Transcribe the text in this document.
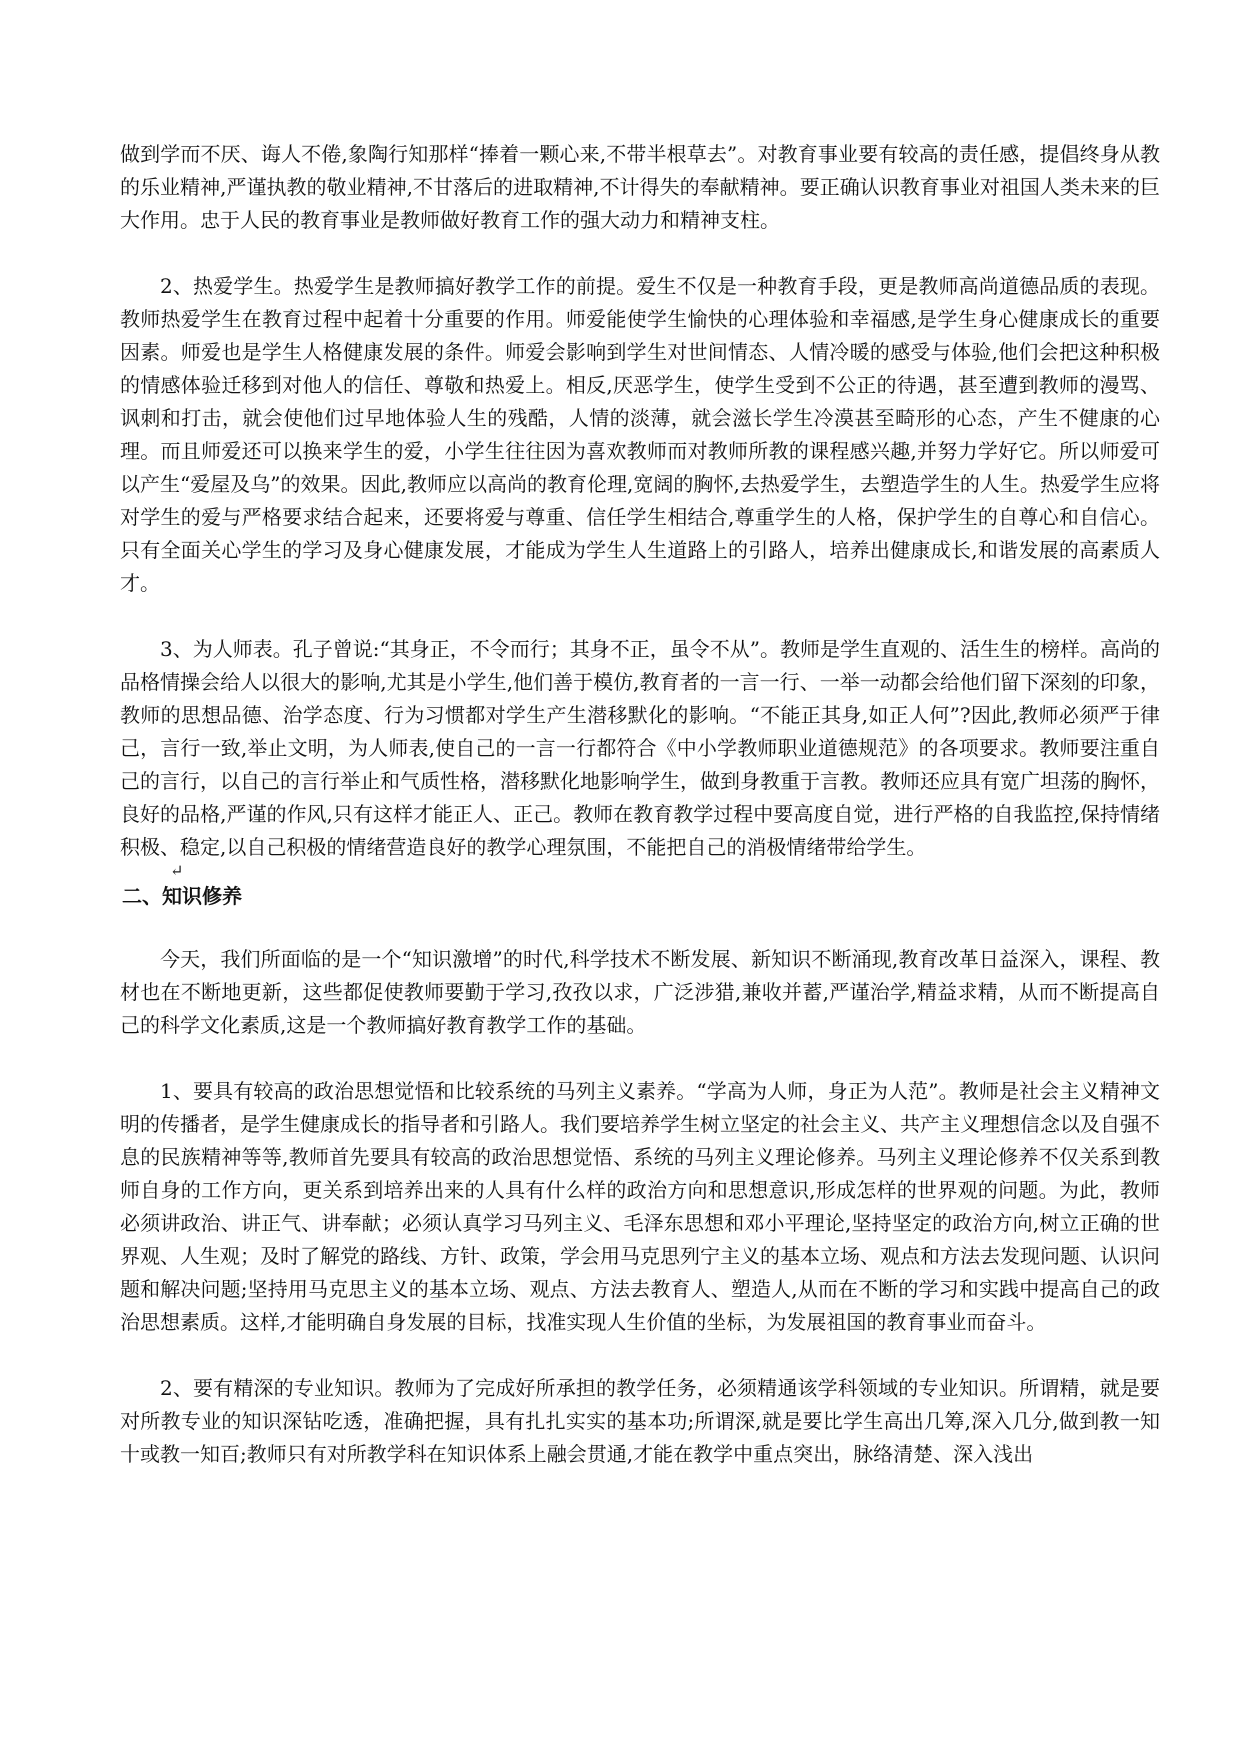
做到学而不厌、诲人不倦,象陶行知那样“捧着一颗心来,不带半根草去”。对教育事业要有较高的责任感，提倡终身从教的乐业精神,严谨执教的敬业精神,不甘落后的进取精神,不计得失的奉献精神。要正确认识教育事业对祖国人类未来的巨大作用。忠于人民的教育事业是教师做好教育工作的强大动力和精神支柱。

2、热爱学生。热爱学生是教师搞好教学工作的前提。爱生不仅是一种教育手段，更是教师高尚道德品质的表现。教师热爱学生在教育过程中起着十分重要的作用。师爱能使学生愉快的心理体验和幸福感,是学生身心健康成长的重要因素。师爱也是学生人格健康发展的条件。师爱会影响到学生对世间情态、人情冷暖的感受与体验,他们会把这种积极的情感体验迁移到对他人的信任、尊敬和热爱上。相反,厌恶学生，使学生受到不公正的待遇，甚至遭到教师的漫骂、讽刺和打击，就会使他们过早地体验人生的残酷，人情的淡薄，就会滋长学生冷漠甚至畸形的心态，产生不健康的心理。而且师爱还可以换来学生的爱，小学生往往因为喜欢教师而对教师所教的课程感兴趣,并努力学好它。所以师爱可以产生“爱屋及乌”的效果。因此,教师应以高尚的教育伦理,宽阔的胸怀,去热爱学生，去塑造学生的人生。热爱学生应将对学生的爱与严格要求结合起来，还要将爱与尊重、信任学生相结合,尊重学生的人格，保护学生的自尊心和自信心。只有全面关心学生的学习及身心健康发展，才能成为学生人生道路上的引路人，培养出健康成长,和谐发展的高素质人才。

3、为人师表。孔子曾说:“其身正，不令而行；其身不正，虽令不从”。教师是学生直观的、活生生的榜样。高尚的品格情操会给人以很大的影响,尤其是小学生,他们善于模仿,教育者的一言一行、一举一动都会给他们留下深刻的印象，教师的思想品德、治学态度、行为习惯都对学生产生潜移默化的影响。“不能正其身,如正人何”?因此,教师必须严于律己，言行一致,举止文明，为人师表,使自己的一言一行都符合《中小学教师职业道德规范》的各项要求。教师要注重自己的言行，以自己的言行举止和气质性格，潜移默化地影响学生，做到身教重于言教。教师还应具有宽广坦荡的胸怀，良好的品格,严谨的作风,只有这样才能正人、正己。教师在教育教学过程中要高度自觉，进行严格的自我监控,保持情绪积极、稳定,以自己积极的情绪营造良好的教学心理氛围，不能把自己的消极情绪带给学生。

↵

二、知识修养

今天，我们所面临的是一个“知识激增”的时代,科学技术不断发展、新知识不断涌现,教育改革日益深入，课程、教材也在不断地更新，这些都促使教师要勤于学习,孜孜以求，广泛涉猎,兼收并蓄,严谨治学,精益求精，从而不断提高自己的科学文化素质,这是一个教师搞好教育教学工作的基础。

1、要具有较高的政治思想觉悟和比较系统的马列主义素养。“学高为人师，身正为人范”。教师是社会主义精神文明的传播者，是学生健康成长的指导者和引路人。我们要培养学生树立坚定的社会主义、共产主义理想信念以及自强不息的民族精神等等,教师首先要具有较高的政治思想觉悟、系统的马列主义理论修养。马列主义理论修养不仅关系到教师自身的工作方向，更关系到培养出来的人具有什么样的政治方向和思想意识,形成怎样的世界观的问题。为此，教师必须讲政治、讲正气、讲奉献；必须认真学习马列主义、毛泽东思想和邓小平理论,坚持坚定的政治方向,树立正确的世界观、人生观；及时了解党的路线、方针、政策，学会用马克思列宁主义的基本立场、观点和方法去发现问题、认识问题和解决问题;坚持用马克思主义的基本立场、观点、方法去教育人、塑造人,从而在不断的学习和实践中提高自己的政治思想素质。这样,才能明确自身发展的目标，找准实现人生价值的坐标，为发展祖国的教育事业而奋斗。

2、要有精深的专业知识。教师为了完成好所承担的教学任务，必须精通该学科领域的专业知识。所谓精，就是要对所教专业的知识深钻吃透，准确把握，具有扎扎实实的基本功;所谓深,就是要比学生高出几筹,深入几分,做到教一知十或教一知百;教师只有对所教学科在知识体系上融会贯通,才能在教学中重点突出，脉络清楚、深入浅出
